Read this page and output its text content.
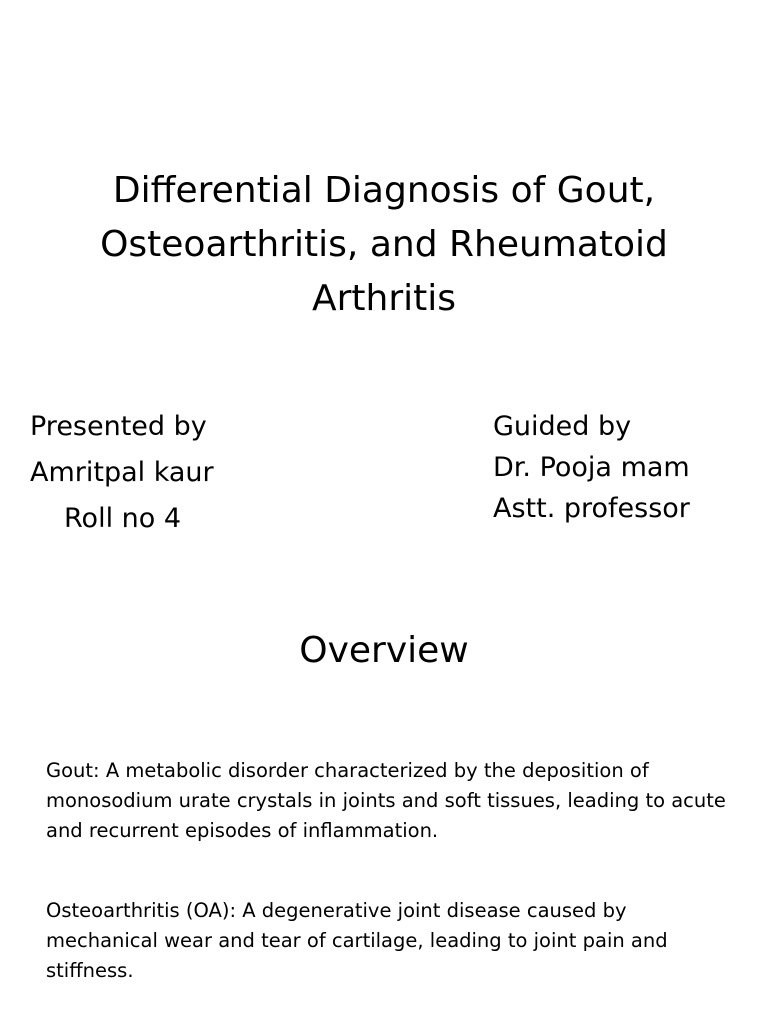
Differential Diagnosis of Gout,
Osteoarthritis, and Rheumatoid
Arthritis
Presented by
Amritpal kaur
Roll no 4
Guided by
Dr. Pooja mam
Astt. professor
Overview

Gout: A metabolic disorder characterized by the deposition of monosodium urate crystals in joints and soft tissues, leading to acute and recurrent episodes of inflammation.

Osteoarthritis (OA): A degenerative joint disease caused by mechanical wear and tear of cartilage, leading to joint pain and stiffness.
